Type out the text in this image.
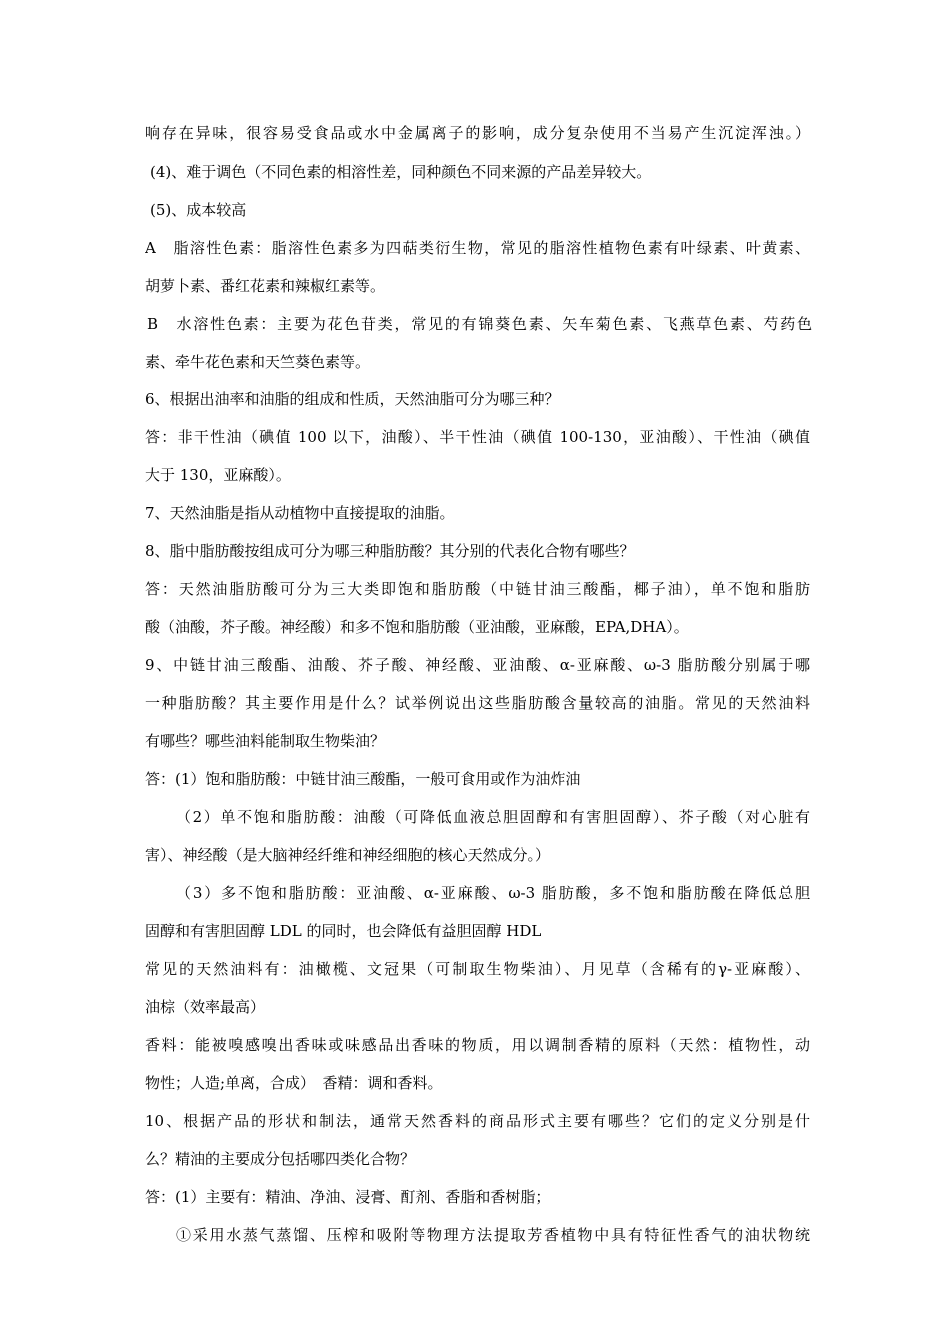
响存在异味，很容易受食品或水中金属离子的影响，成分复杂使用不当易产生沉淀浑浊。）
(4)、难于调色（不同色素的相溶性差，同种颜色不同来源的产品差异较大。
(5)、成本较高
A　脂溶性色素：脂溶性色素多为四萜类衍生物，常见的脂溶性植物色素有叶绿素、叶黄素、
胡萝卜素、番红花素和辣椒红素等。
B　水溶性色素：主要为花色苷类，常见的有锦葵色素、矢车菊色素、飞燕草色素、芍药色
素、牵牛花色素和天竺葵色素等。
6、根据出油率和油脂的组成和性质，天然油脂可分为哪三种？
答：非干性油（碘值 100 以下，油酸）、半干性油（碘值 100-130，亚油酸）、干性油（碘值
大于 130，亚麻酸）。
7、天然油脂是指从动植物中直接提取的油脂。
8、脂中脂肪酸按组成可分为哪三种脂肪酸？其分别的代表化合物有哪些？
答：天然油脂肪酸可分为三大类即饱和脂肪酸（中链甘油三酸酯，椰子油），单不饱和脂肪
酸（油酸，芥子酸。神经酸）和多不饱和脂肪酸（亚油酸，亚麻酸，EPA,DHA）。
9、中链甘油三酸酯、油酸、芥子酸、神经酸、亚油酸、α-亚麻酸、ω-3 脂肪酸分别属于哪
一种脂肪酸？其主要作用是什么？试举例说出这些脂肪酸含量较高的油脂。常见的天然油料
有哪些？哪些油料能制取生物柴油？
答：(1）饱和脂肪酸：中链甘油三酸酯，一般可食用或作为油炸油
（2）单不饱和脂肪酸：油酸（可降低血液总胆固醇和有害胆固醇）、芥子酸（对心脏有
害）、神经酸（是大脑神经纤维和神经细胞的核心天然成分。）
（3）多不饱和脂肪酸：亚油酸、α-亚麻酸、ω-3 脂肪酸，多不饱和脂肪酸在降低总胆
固醇和有害胆固醇 LDL 的同时，也会降低有益胆固醇 HDL
常见的天然油料有：油橄榄、文冠果（可制取生物柴油）、月见草（含稀有的γ-亚麻酸）、
油棕（效率最高）
香料：能被嗅感嗅出香味或味感品出香味的物质，用以调制香精的原料（天然：植物性，动
物性；人造;单离，合成）　香精：调和香料。
10、根据产品的形状和制法，通常天然香料的商品形式主要有哪些？它们的定义分别是什
么？精油的主要成分包括哪四类化合物？
答：(1）主要有：精油、净油、浸膏、酊剂、香脂和香树脂；
①采用水蒸气蒸馏、压榨和吸附等物理方法提取芳香植物中具有特征性香气的油状物统
